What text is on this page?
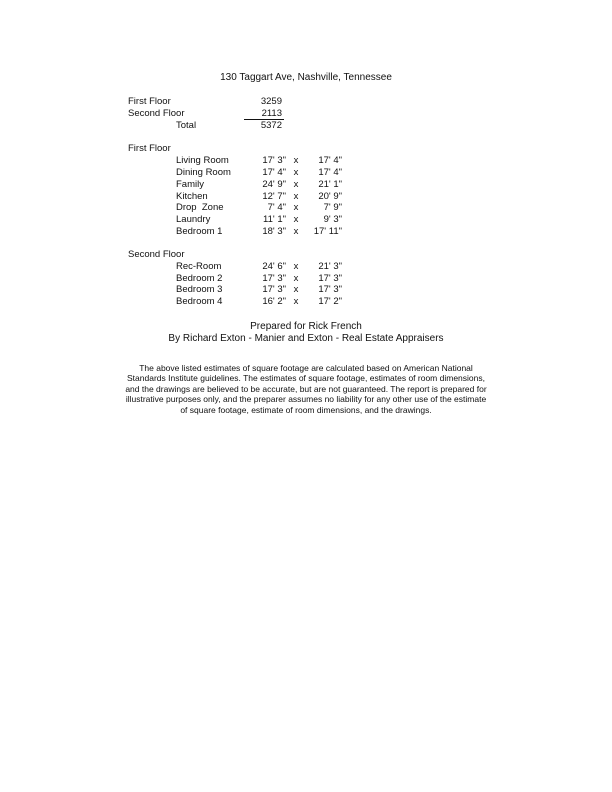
130 Taggart Ave, Nashville, Tennessee
First Floor	3259
Second Floor	2113
Total	5372
First Floor
Living Room	17' 3" x	17' 4"
Dining Room	17' 4" x	17' 4"
Family	24' 9" x	21' 1"
Kitchen	12' 7" x	20' 9"
Drop  Zone	7' 4" x	7' 9"
Laundry	11' 1" x	9' 3"
Bedroom 1	18' 3" x	17' 11"
Second Floor
Rec-Room	24' 6" x	21' 3"
Bedroom 2	17' 3" x	17' 3"
Bedroom 3	17' 3" x	17' 3"
Bedroom 4	16' 2" x	17' 2"
Prepared for Rick French
By Richard Exton - Manier and Exton - Real Estate Appraisers
The above listed estimates of square footage are calculated based on American National Standards Institute guidelines. The estimates of square footage, estimates of room dimensions, and the drawings are believed to be accurate, but are not guaranteed. The report is prepared for illustrative purposes only, and the preparer assumes no liability for any other use of the estimate of square footage, estimate of room dimensions, and the drawings.
